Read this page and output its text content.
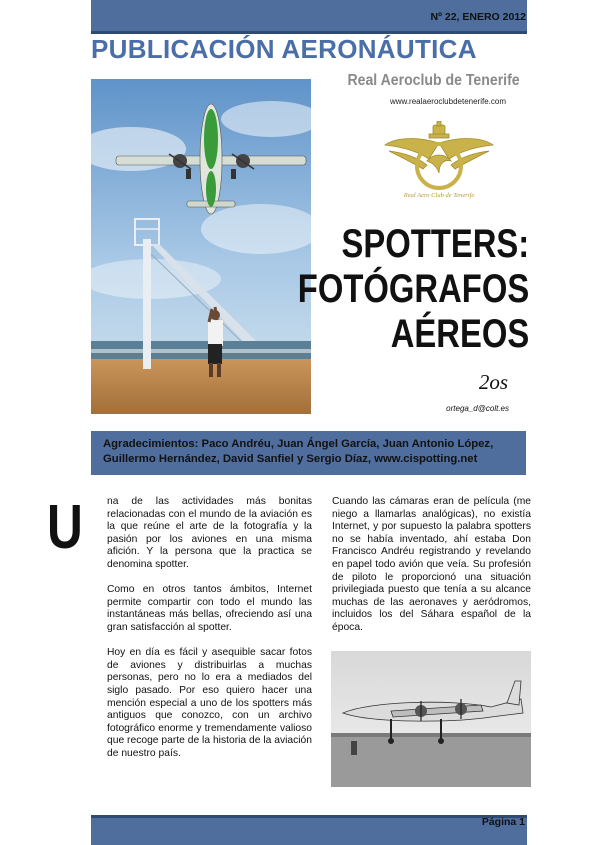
Nº 22, ENERO 2012
PUBLICACIÓN AERONÁUTICA
Real Aeroclub de Tenerife
www.realaeroclubdetenerife.com
Real Aero Club de Tenerife
SPOTTERS:
FOTÓGRAFOS
AÉREOS
2os
ortega_d@colt.es
Agradecimientos: Paco Andréu, Juan Ángel García, Juan Antonio López, Guillermo Hernández, David Sanfiel y Sergio Díaz, www.cispotting.net
U na de las actividades más bonitas relacionadas con el mundo de la aviación es la que reúne el arte de la fotografía y la pasión por los aviones en una misma afición. Y la persona que la practica se denomina spotter.

Como en otros tantos ámbitos, Internet permite compartir con todo el mundo las instantáneas más bellas, ofreciendo así una gran satisfacción al spotter.

Hoy en día es fácil y asequible sacar fotos de aviones y distribuirlas a muchas personas, pero no lo era a mediados del siglo pasado. Por eso quiero hacer una mención especial a uno de los spotters más antiguos que conozco, con un archivo fotográfico enorme y tremendamente valioso que recoge parte de la historia de la aviación de nuestro país.

Cuando las cámaras eran de película (me niego a llamarlas analógicas), no existía Internet, y por supuesto la palabra spotters no se había inventado, ahí estaba Don Francisco Andréu registrando y revelando en papel todo avión que veía. Su profesión de piloto le proporcionó una situación privilegiada puesto que tenía a su alcance muchas de las aeronaves y aeródromos, incluidos los del Sáhara español de la época.

Página 1
